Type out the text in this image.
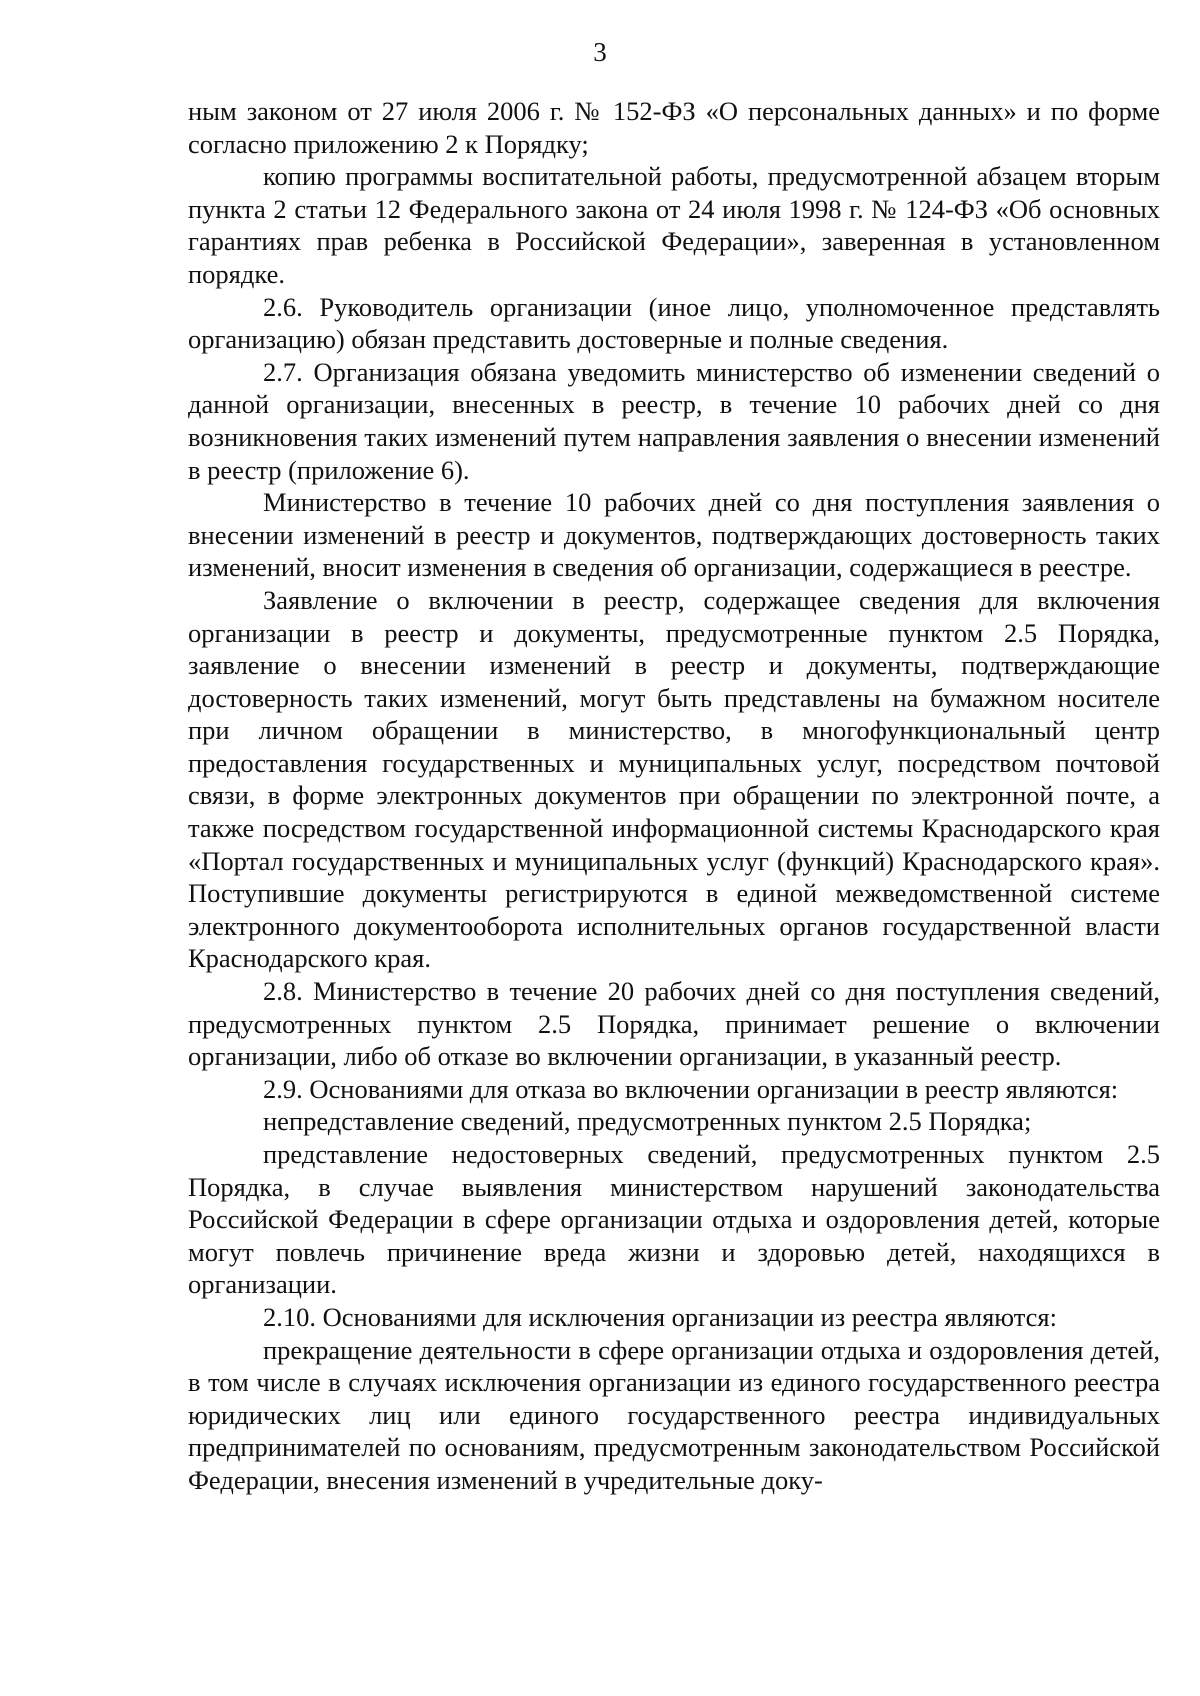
3

ным законом от 27 июля 2006 г. № 152-ФЗ «О персональных данных» и по форме согласно приложению 2 к Порядку;

копию программы воспитательной работы, предусмотренной абзацем вторым пункта 2 статьи 12 Федерального закона от 24 июля 1998 г. № 124-ФЗ «Об основных гарантиях прав ребенка в Российской Федерации», заверенная в установленном порядке.

2.6. Руководитель организации (иное лицо, уполномоченное представлять организацию) обязан представить достоверные и полные сведения.

2.7. Организация обязана уведомить министерство об изменении сведений о данной организации, внесенных в реестр, в течение 10 рабочих дней со дня возникновения таких изменений путем направления заявления о внесении изменений в реестр (приложение 6).

Министерство в течение 10 рабочих дней со дня поступления заявления о внесении изменений в реестр и документов, подтверждающих достоверность таких изменений, вносит изменения в сведения об организации, содержащиеся в реестре.

Заявление о включении в реестр, содержащее сведения для включения организации в реестр и документы, предусмотренные пунктом 2.5 Порядка, заявление о внесении изменений в реестр и документы, подтверждающие достоверность таких изменений, могут быть представлены на бумажном носителе при личном обращении в министерство, в многофункциональный центр предоставления государственных и муниципальных услуг, посредством почтовой связи, в форме электронных документов при обращении по электронной почте, а также посредством государственной информационной системы Краснодарского края «Портал государственных и муниципальных услуг (функций) Краснодарского края». Поступившие документы регистрируются в единой межведомственной системе электронного документооборота исполнительных органов государственной власти Краснодарского края.

2.8. Министерство в течение 20 рабочих дней со дня поступления сведений, предусмотренных пунктом 2.5 Порядка, принимает решение о включении организации, либо об отказе во включении организации, в указанный реестр.

2.9. Основаниями для отказа во включении организации в реестр являются:

непредставление сведений, предусмотренных пунктом 2.5 Порядка;

представление недостоверных сведений, предусмотренных пунктом 2.5 Порядка, в случае выявления министерством нарушений законодательства Российской Федерации в сфере организации отдыха и оздоровления детей, которые могут повлечь причинение вреда жизни и здоровью детей, находящихся в организации.

2.10. Основаниями для исключения организации из реестра являются:

прекращение деятельности в сфере организации отдыха и оздоровления детей, в том числе в случаях исключения организации из единого государственного реестра юридических лиц или единого государственного реестра индивидуальных предпринимателей по основаниям, предусмотренным законодательством Российской Федерации, внесения изменений в учредительные доку-
